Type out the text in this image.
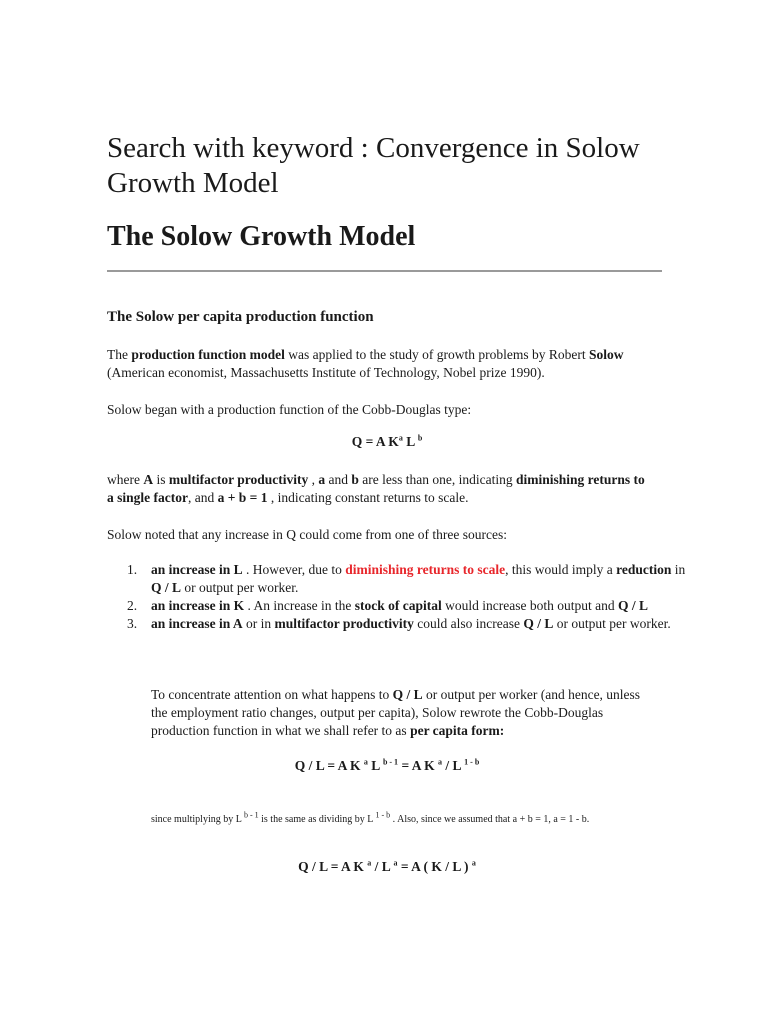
Search with keyword : Convergence in Solow Growth Model
The Solow Growth Model
The Solow per capita production function

The production function model was applied to the study of growth problems by Robert Solow (American economist, Massachusetts Institute of Technology, Nobel prize 1990).

Solow began with a production function of the Cobb-Douglas type:

Q = A $K^a$ L $^b$

where A is multifactor productivity , a and b are less than one, indicating diminishing returns to a single factor, and a + b = 1 , indicating constant returns to scale.

Solow noted that any increase in Q could come from one of three sources:

1. an increase in L . However, due to diminishing returns to scale, this would imply a reduction in Q / L or output per worker.
2. an increase in K . An increase in the stock of capital would increase both output and Q / L
3. an increase in A or in multifactor productivity could also increase Q / L or output per worker.

To concentrate attention on what happens to Q / L or output per worker (and hence, unless the employment ratio changes, output per capita), Solow rewrote the Cobb-Douglas production function in what we shall refer to as per capita form:

Q / L = A K $^a$ L $^{b - 1}$ = A K $^a$ / L $^{1 - b}$

since multiplying by L $^{b - 1}$ is the same as dividing by L $^{1 - b}$ . Also, since we assumed that a + b = 1, a = 1 - b.

Q / L = A K $^a$ / L $^a$ = A ( K / L ) $^a$
